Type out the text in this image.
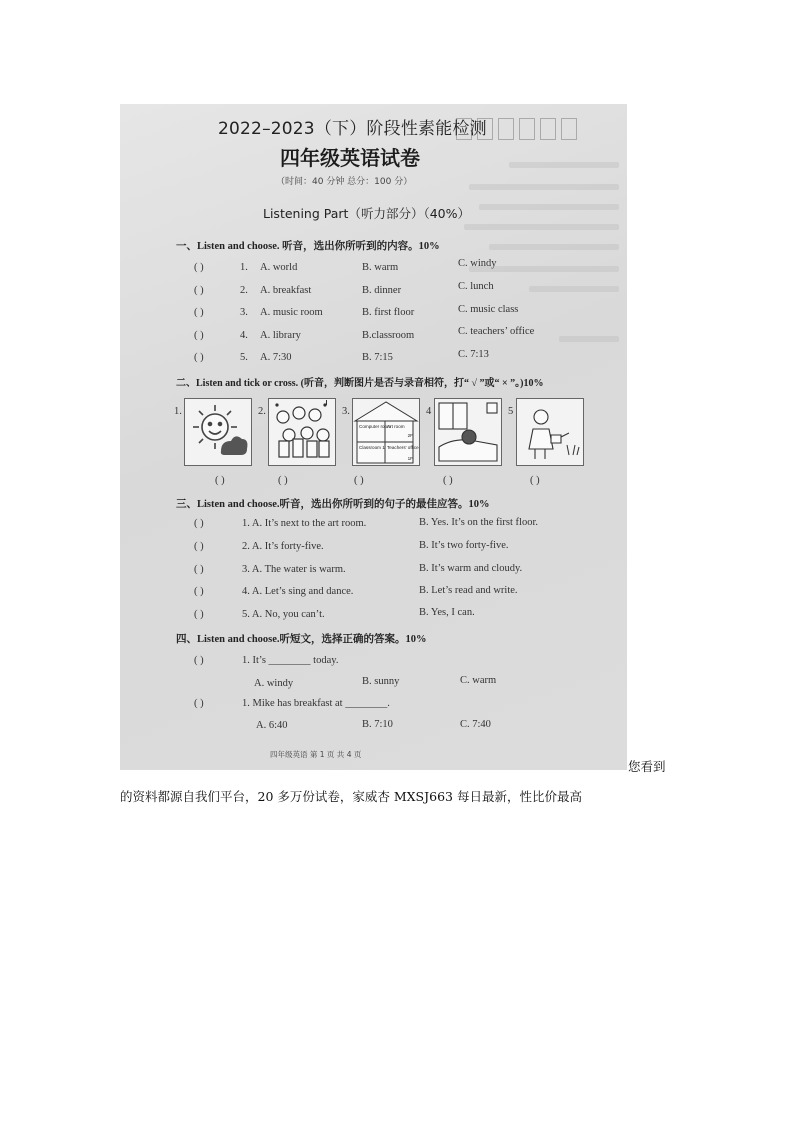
2022–2023（下）阶段性素能检测
四年级英语试卷
（时间：40 分钟 总分：100 分）
Listening Part（听力部分）（40%）
一、Listen and choose. 听音，选出你所听到的内容。10%
( )	1. A. world	B. warm	C. windy
( )	2. A. breakfast	B. dinner	C. lunch
( )	3. A. music room	B. first floor	C. music class
( )	4. A. library	B.classroom	C. teachers’ office
( )	5. A. 7:30	B. 7:15	C. 7:13
二、Listen and tick or cross. (听音，判断图片是否与录音相符，打“ √ ”或“ × ”。)10%
1.	2.	3.
Computer room
Art room
2F
Classroom 1 Teachers' office
1F
4	5
( )	( )	( )	( )	( )
三、Listen and choose.听音，选出你所听到的句子的最佳应答。10%
( )	1. A. It’s next to the art room.	B. Yes. It’s on the first floor.
( )	2. A. It’s forty-five.	B. It’s two forty-five.
( )	3. A. The water is warm.	B. It’s warm and cloudy.
( )	4. A. Let’s sing and dance.	B. Let’s read and write.
( )	5. A. No, you can’t.	B. Yes, I can.
四、Listen and choose.听短文，选择正确的答案。10%
( )	1. It’s ________ today.
A. windy	B. sunny	C. warm
( )	1. Mike has breakfast at ________.
A. 6:40	B. 7:10	C. 7:40
四年级英语 第 1 页 共 4 页
您看到
的资料都源自我们平台，20 多万份试卷，家威杏 MXSJ663 每日最新，性比价最高
